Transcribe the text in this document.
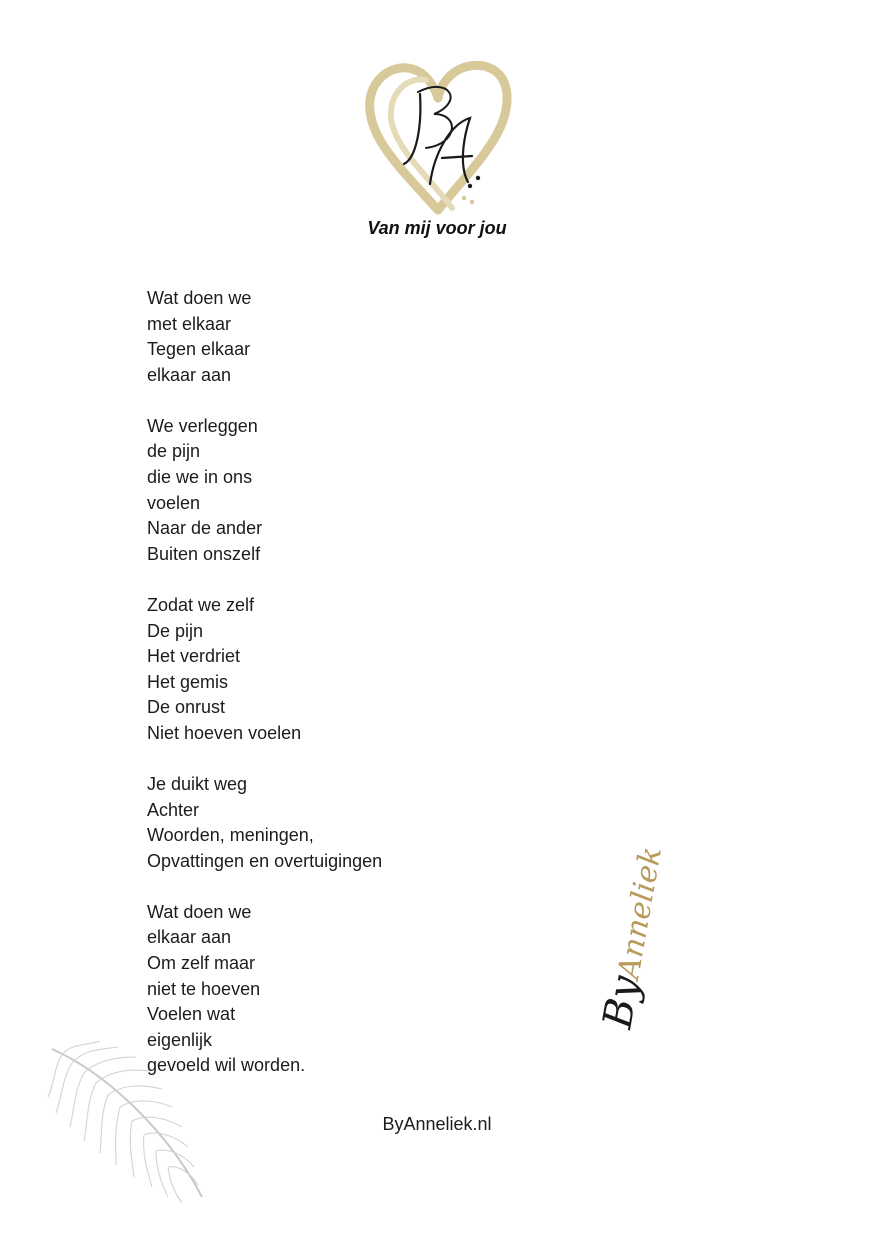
Van mij voor jou
Wat doen we
met elkaar
Tegen elkaar
elkaar aan
We verleggen
de pijn
die we in ons
voelen
Naar de ander
Buiten onszelf
Zodat we zelf
De pijn
Het verdriet
Het gemis
De onrust
Niet hoeven voelen
Je duikt weg
Achter
Woorden, meningen,
Opvattingen en overtuigingen
Wat doen we
elkaar aan
Om zelf maar
niet te hoeven
Voelen wat
eigenlijk
gevoeld wil worden.
By
Anneliek
ByAnneliek.nl
